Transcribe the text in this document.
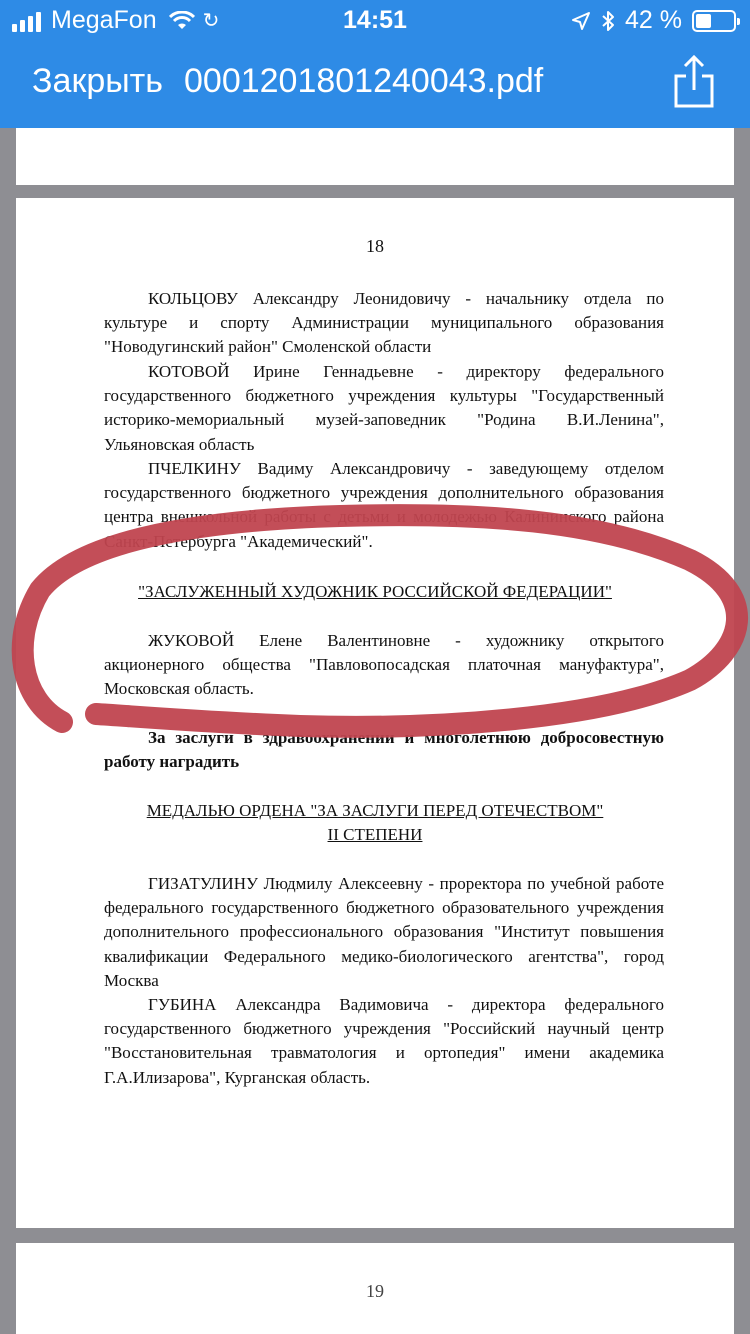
MegaFon ↻	14:51	42 %
Закрыть 0001201801240043.pdf
18

КОЛЬЦОВУ Александру Леонидовичу - начальнику отдела по культуре и спорту Администрации муниципального образования "Новодугинский район" Смоленской области

КОТОВОЙ Ирине Геннадьевне - директору федерального государственного бюджетного учреждения культуры "Государственный историко-мемориальный музей-заповедник "Родина В.И.Ленина", Ульяновская область

ПЧЕЛКИНУ Вадиму Александровичу - заведующему отделом государственного бюджетного учреждения дополнительного образования центра внешкольной работы с детьми и молодежью Калининского района Санкт-Петербурга "Академический".

"ЗАСЛУЖЕННЫЙ ХУДОЖНИК РОССИЙСКОЙ ФЕДЕРАЦИИ"

ЖУКОВОЙ Елене Валентиновне - художнику открытого акционерного общества "Павловопосадская платочная мануфактура", Московская область.

За заслуги в здравоохранении и многолетнюю добросовестную работу наградить

МЕДАЛЬЮ ОРДЕНА "ЗА ЗАСЛУГИ ПЕРЕД ОТЕЧЕСТВОМ"
II СТЕПЕНИ

ГИЗАТУЛИНУ Людмилу Алексеевну - проректора по учебной работе федерального государственного бюджетного образовательного учреждения дополнительного профессионального образования "Институт повышения квалификации Федерального медико-биологического агентства", город Москва

ГУБИНА Александра Вадимовича - директора федерального государственного бюджетного учреждения "Российский научный центр "Восстановительная травматология и ортопедия" имени академика Г.А.Илизарова", Курганская область.

19
